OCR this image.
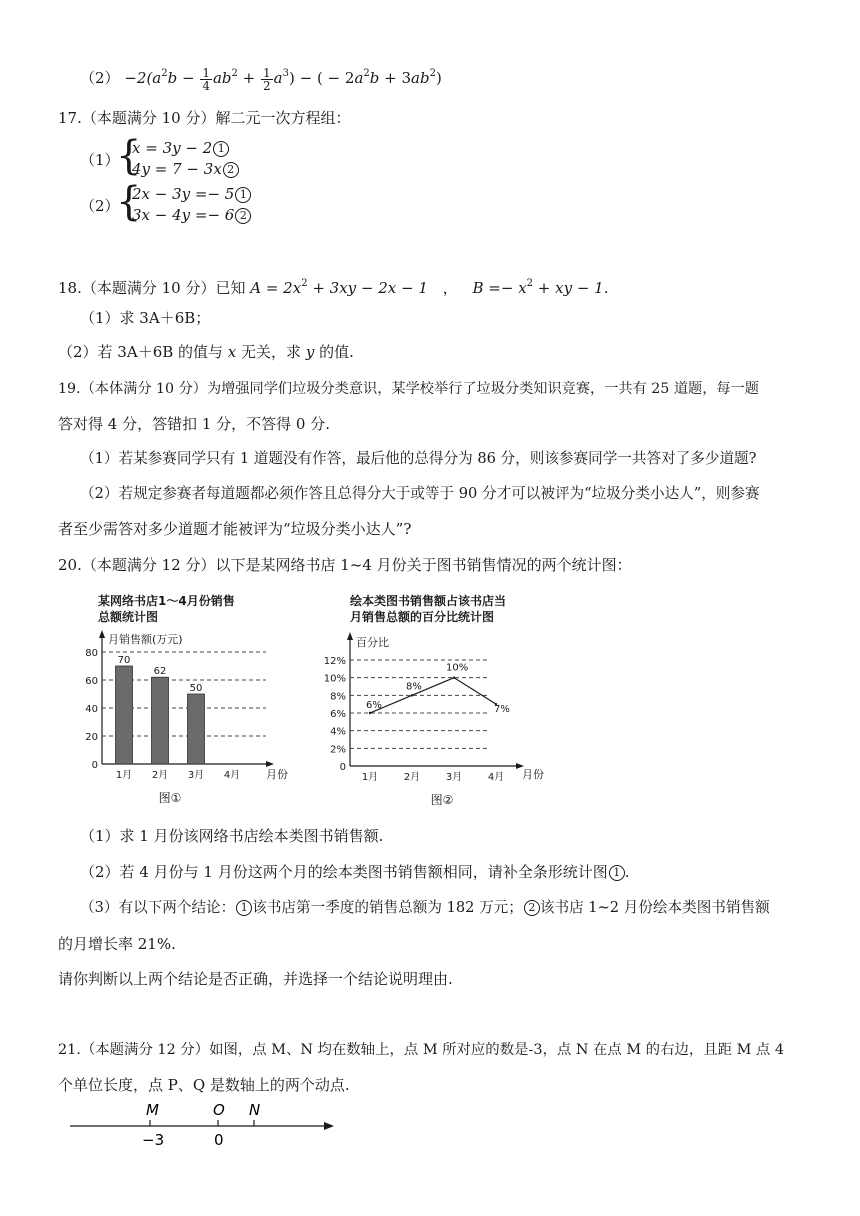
$(2) -2(a^2b - \frac{1}{4} ab^2 + \frac{1}{2} a^3)$ − ( − $2a^2b + 3ab^2$)
17.（本题满分 10 分）解二元一次方程组：
（1）
{
x = 3y − 2 1
4y = 7 − 3x 2
（2）
{
2x − 3y =− 5 1
3x − 4y =− 6 2
18.（本题满分 10 分）已知 $A = 2x^2 + 3xy - 2x - 1$ ， $B =- x^2$ + xy − 1.
（1）求 3A＋6B；
（2）若 3A＋6B 的值与 x 无关，求 y 的值.
19.（本体满分 10 分）为增强同学们垃圾分类意识，某学校举行了垃圾分类知识竞赛，一共有 25 道题，每一题
答对得 4 分，答错扣 1 分，不答得 0 分.
（1）若某参赛同学只有 1 道题没有作答，最后他的总得分为 86 分，则该参赛同学一共答对了多少道题?
（2）若规定参赛者每道题都必须作答且总得分大于或等于 90 分才可以被评为“垃圾分类小达人”，则参赛
者至少需答对多少道题才能被评为“垃圾分类小达人”?
20.（本题满分 12 分）以下是某网络书店 1~4 月份关于图书销售情况的两个统计图：
某网络书店1～4月份销售
总额统计图
月销售额(万元)
月份
0
20
40
60
80
1月
70
2月
62
3月
50
4月
图①
绘本类图书销售额占该书店当
月销售总额的百分比统计图
百分比
月份
0
2%
4%
6%
8%
10%
12%
1月
6%
2月
8%
3月
10%
4月
7%
图②
（1）求 1 月份该网络书店绘本类图书销售额.
（2）若 4 月份与 1 月份这两个月的绘本类图书销售额相同，请补全条形统计图 1 .
（3）有以下两个结论： 1 该书店第一季度的销售总额为 182 万元； 2 该书店 1~2 月份绘本类图书销售额
的月增长率 21%.
请你判断以上两个结论是否正确，并选择一个结论说明理由.
21.（本题满分 12 分）如图，点 M、N 均在数轴上，点 M 所对应的数是-3，点 N 在点 M 的右边，且距 M 点 4
个单位长度，点 P、Q 是数轴上的两个动点.
M	O N
−3	0
